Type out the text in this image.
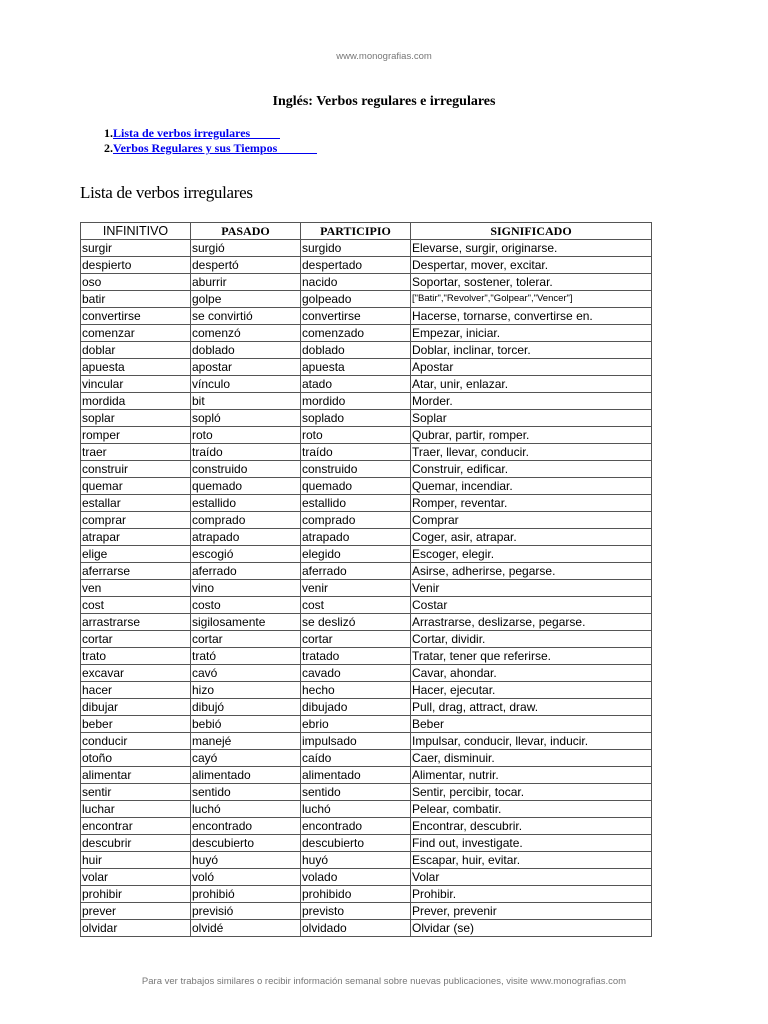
www.monografias.com
Inglés: Verbos regulares e irregulares
1.Lista de verbos irregulares
2.Verbos Regulares y sus Tiempos
Lista de verbos irregulares
INFINITIVO	PASADO	PARTICIPIO	SIGNIFICADO
surgir	surgió	surgido	Elevarse, surgir, originarse.
despierto	despertó	despertado	Despertar, mover, excitar.
oso	aburrir	nacido	Soportar, sostener, tolerar.
batir	golpe	golpeado	["Batir","Revolver","Golpear","Vencer"]
convertirse	se convirtió	convertirse	Hacerse, tornarse, convertirse en.
comenzar	comenzó	comenzado	Empezar, iniciar.
doblar	doblado	doblado	Doblar, inclinar, torcer.
apuesta	apostar	apuesta	Apostar
vincular	vínculo	atado	Atar, unir, enlazar.
mordida	bit	mordido	Morder.
soplar	sopló	soplado	Soplar
romper	roto	roto	Qubrar, partir, romper.
traer	traído	traído	Traer, llevar, conducir.
construir	construido	construido	Construir, edificar.
quemar	quemado	quemado	Quemar, incendiar.
estallar	estallido	estallido	Romper, reventar.
comprar	comprado	comprado	Comprar
atrapar	atrapado	atrapado	Coger, asir, atrapar.
elige	escogió	elegido	Escoger, elegir.
aferrarse	aferrado	aferrado	Asirse, adherirse, pegarse.
ven	vino	venir	Venir
cost	costo	cost	Costar
arrastrarse	sigilosamente	se deslizó	Arrastrarse, deslizarse, pegarse.
cortar	cortar	cortar	Cortar, dividir.
trato	trató	tratado	Tratar, tener que referirse.
excavar	cavó	cavado	Cavar, ahondar.
hacer	hizo	hecho	Hacer, ejecutar.
dibujar	dibujó	dibujado	Pull, drag, attract, draw.
beber	bebió	ebrio	Beber
conducir	manejé	impulsado	Impulsar, conducir, llevar, inducir.
otoño	cayó	caído	Caer, disminuir.
alimentar	alimentado	alimentado	Alimentar, nutrir.
sentir	sentido	sentido	Sentir, percibir, tocar.
luchar	luchó	luchó	Pelear, combatir.
encontrar	encontrado	encontrado	Encontrar, descubrir.
descubrir	descubierto	descubierto	Find out, investigate.
huir	huyó	huyó	Escapar, huir, evitar.
volar	voló	volado	Volar
prohibir	prohibió	prohibido	Prohibir.
prever	previsió	previsto	Prever, prevenir
olvidar	olvidé	olvidado	Olvidar (se)
Para ver trabajos similares o recibir información semanal sobre nuevas publicaciones, visite www.monografias.com
